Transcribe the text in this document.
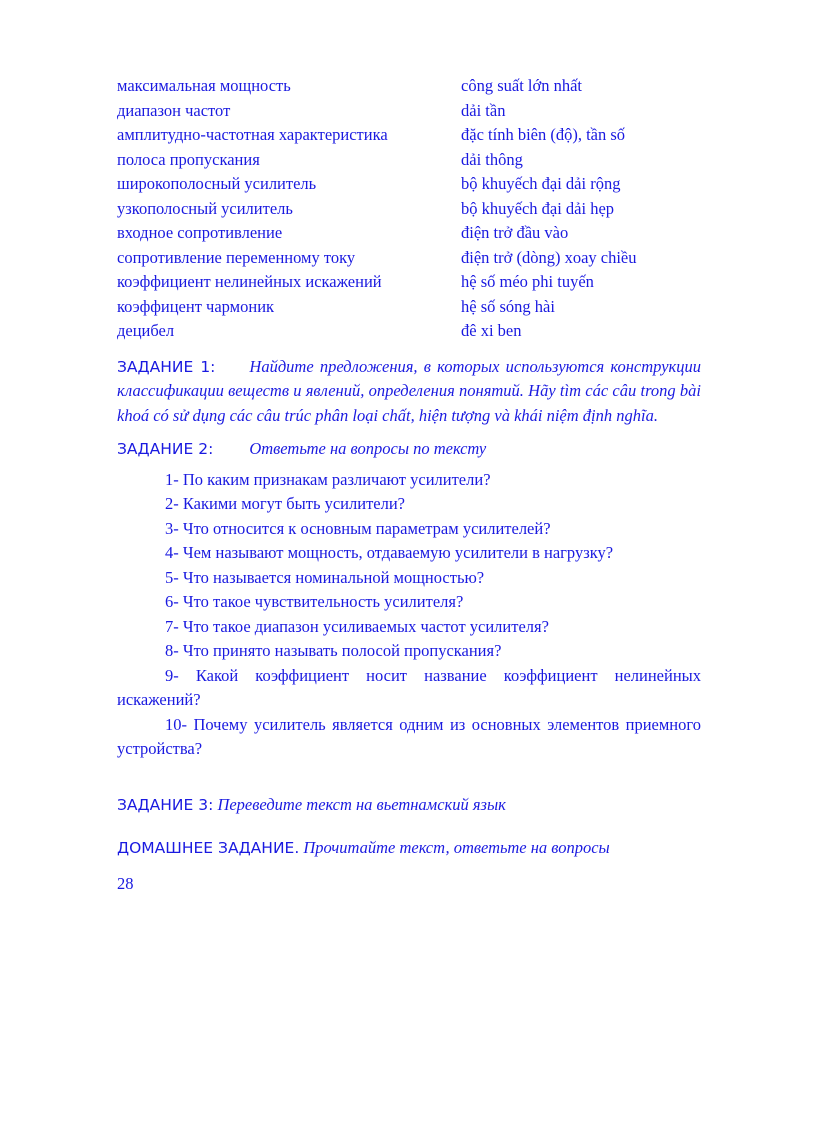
максимальная мощность	công suất lớn nhất
диапазон частот	dải tần
амплитудно-частотная характеристика	đặc tính biên (độ), tần số
полоса пропускания	dải thông
широкополосный усилитель	bộ khuyếch đại dải rộng
узкополосный усилитель	bộ khuyếch đại dải hẹp
входное сопротивление	điện trở đầu vào
сопротивление переменному току	điện trở (dòng) xoay chiều
коэффициент нелинейных искажений	hệ số méo phi tuyến
коэффицент чармоник	hệ số sóng hài
децибел	đê xi ben

ЗАДАНИЕ 1: Найдите предложения, в которых используются конструкции классификации веществ и явлений, определения понятий. Hãy tìm các câu trong bài khoá có sử dụng các câu trúc phân loại chất, hiện tượng và khái niệm định nghĩa.

ЗАДАНИЕ 2: Ответьте на вопросы по тексту

1- По каким признакам различают усилители?

2- Какими могут быть усилители?

3- Что относится к основным параметрам усилителей?

4- Чем называют мощность, отдаваемую усилители в нагрузку?

5- Что называется номинальной мощностью?

6- Что такое чувствительность усилителя?

7- Что такое диапазон усиливаемых частот усилителя?

8- Что принято называть полосой пропускания?

9- Какой коэффициент носит название коэффициент нелинейных искажений?

10- Почему усилитель является одним из основных элементов приемного устройства?

ЗАДАНИЕ 3: Переведите текст на вьетнамский язык

ДОМАШНЕЕ ЗАДАНИЕ. Прочитайте текст, ответьте на вопросы

28
